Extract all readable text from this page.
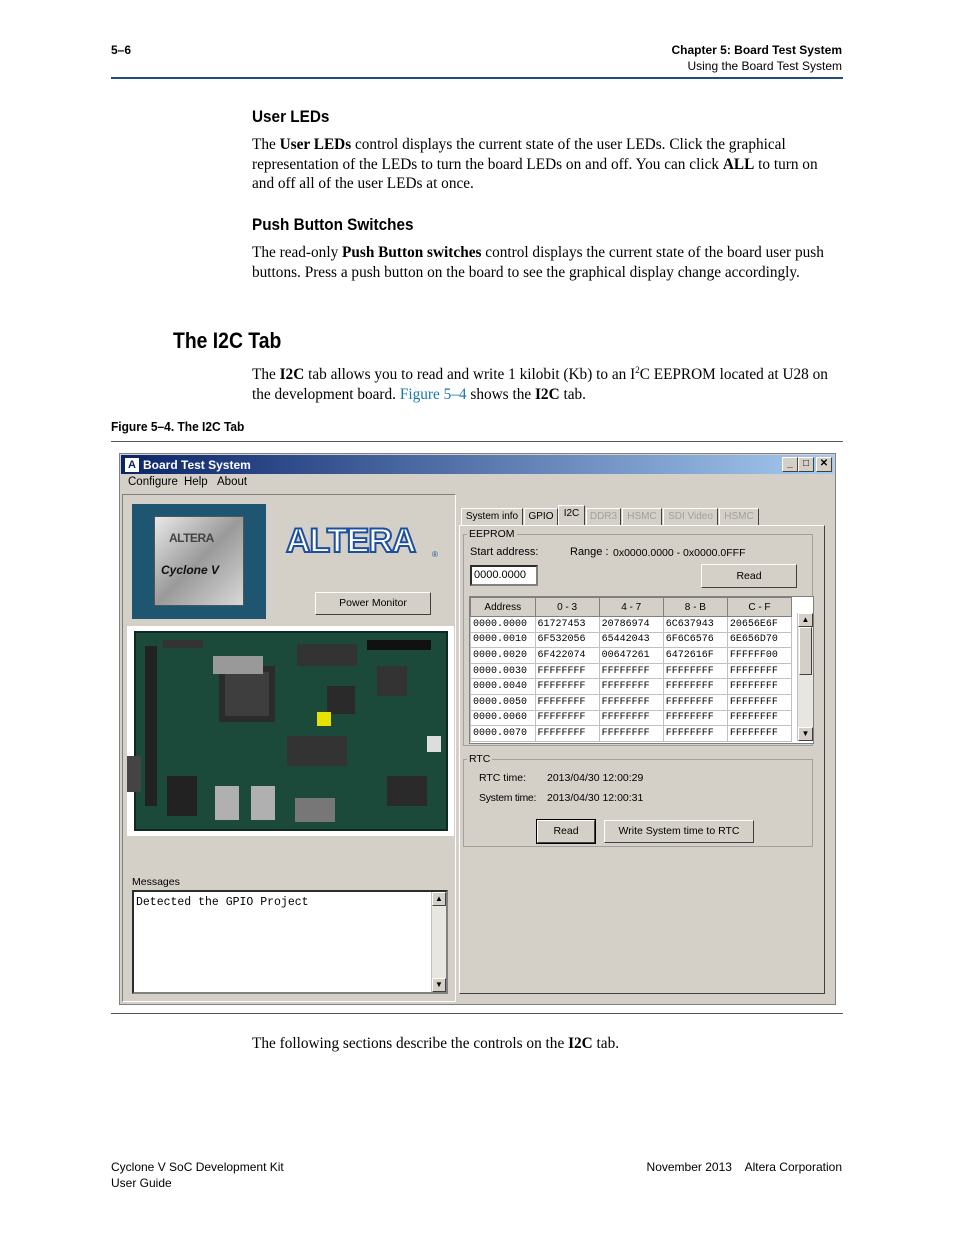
5–6	Chapter 5: Board Test System
Using the Board Test System
User LEDs
The User LEDs control displays the current state of the user LEDs. Click the graphical representation of the LEDs to turn the board LEDs on and off. You can click ALL to turn on and off all of the user LEDs at once.
Push Button Switches
The read-only Push Button switches control displays the current state of the board user push buttons. Press a push button on the board to see the graphical display change accordingly.
The I2C Tab
The I2C tab allows you to read and write 1 kilobit (Kb) to an $I^2C$ EEPROM located at U28 on the development board. Figure 5–4 shows the I2C tab.
Figure 5–4. The I2C Tab
A Board Test System	_	□	✕
Configure Help About
ALTERA
Cyclone V
ALTERA ®
Power Monitor
Messages
Detected the GPIO Project	▲
▼
System info	GPIO	I2C	DDR3	HSMC	SDI Video	HSMC
EEPROM
Start address:	Range : 0x0000.0000 - 0x0000.0FFF
0000.0000	Read
Address	0 - 3	4 - 7	8 - B	C - F
0000.0000	61727453	20786974	6C637943	20656E6F
0000.0010	6F532056	65442043	6F6C6576	6E656D70
0000.0020	6F422074	00647261	6472616F	FFFFFF00
0000.0030	FFFFFFFF	FFFFFFFF	FFFFFFFF	FFFFFFFF
0000.0040	FFFFFFFF	FFFFFFFF	FFFFFFFF	FFFFFFFF
0000.0050	FFFFFFFF	FFFFFFFF	FFFFFFFF	FFFFFFFF
0000.0060	FFFFFFFF	FFFFFFFF	FFFFFFFF	FFFFFFFF
0000.0070	FFFFFFFF	FFFFFFFF	FFFFFFFF	FFFFFFFF
▲
▼
RTC
RTC time: 2013/04/30 12:00:29
System time: 2013/04/30 12:00:31
Read	Write System time to RTC
The following sections describe the controls on the I2C tab.
Cyclone V SoC Development Kit
User Guide
November 2013    Altera Corporation
